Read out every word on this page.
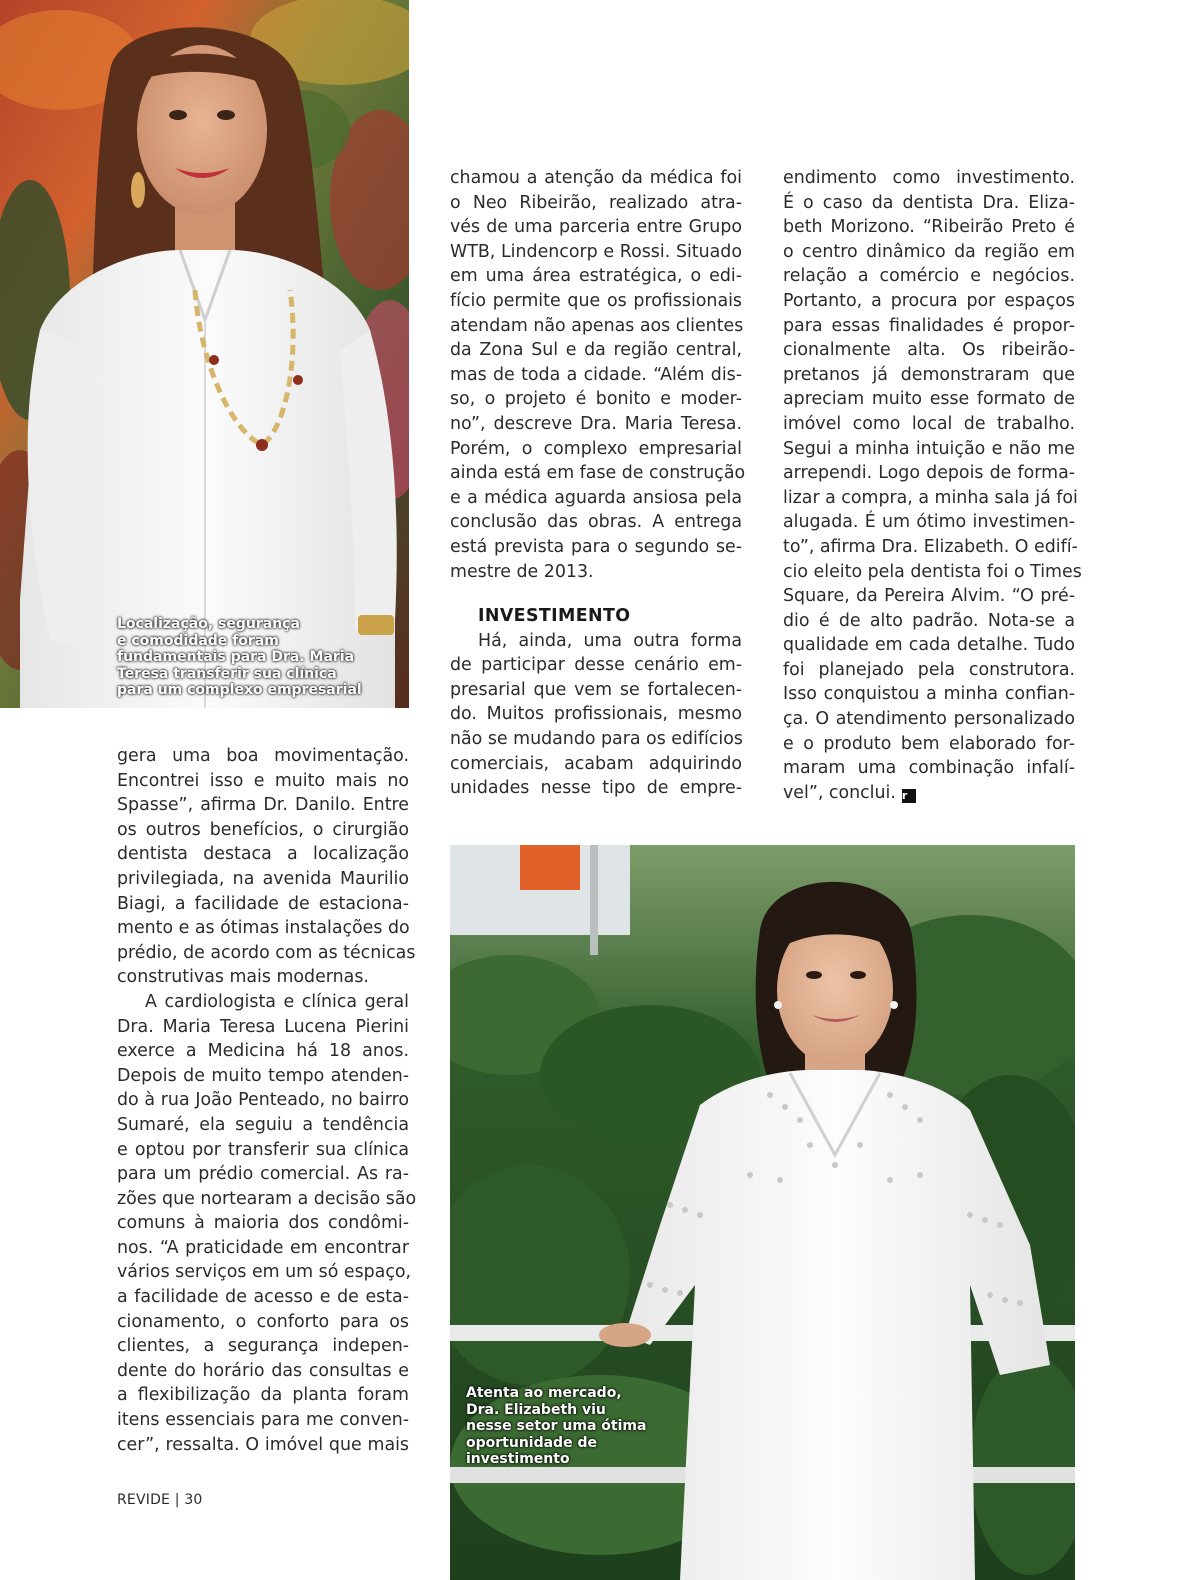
Localização, segurança
e comodidade foram
fundamentais para Dra. Maria
Teresa transferir sua clínica
para um complexo empresarial
gera uma boa movimentação.
Encontrei isso e muito mais no
Spasse”, afirma Dr. Danilo. Entre
os outros benefícios, o cirurgião
dentista destaca a localização
privilegiada, na avenida Maurilio
Biagi, a facilidade de estaciona-
mento e as ótimas instalações do
prédio, de acordo com as técnicas
construtivas mais modernas.
A cardiologista e clínica geral
Dra. Maria Teresa Lucena Pierini
exerce a Medicina há 18 anos.
Depois de muito tempo atenden-
do à rua João Penteado, no bairro
Sumaré, ela seguiu a tendência
e optou por transferir sua clínica
para um prédio comercial. As ra-
zões que nortearam a decisão são
comuns à maioria dos condômi-
nos. “A praticidade em encontrar
vários serviços em um só espaço,
a facilidade de acesso e de esta-
cionamento, o conforto para os
clientes, a segurança indepen-
dente do horário das consultas e
a flexibilização da planta foram
itens essenciais para me conven-
cer”, ressalta. O imóvel que mais
chamou a atenção da médica foi
o Neo Ribeirão, realizado atra-
vés de uma parceria entre Grupo
WTB, Lindencorp e Rossi. Situado
em uma área estratégica, o edi-
fício permite que os profissionais
atendam não apenas aos clientes
da Zona Sul e da região central,
mas de toda a cidade. “Além dis-
so, o projeto é bonito e moder-
no”, descreve Dra. Maria Teresa.
Porém, o complexo empresarial
ainda está em fase de construção
e a médica aguarda ansiosa pela
conclusão das obras. A entrega
está prevista para o segundo se-
mestre de 2013.
INVESTIMENTO
Há, ainda, uma outra forma
de participar desse cenário em-
presarial que vem se fortalecen-
do. Muitos profissionais, mesmo
não se mudando para os edifícios
comerciais, acabam adquirindo
unidades nesse tipo de empre-
endimento como investimento.
É o caso da dentista Dra. Eliza-
beth Morizono. “Ribeirão Preto é
o centro dinâmico da região em
relação a comércio e negócios.
Portanto, a procura por espaços
para essas finalidades é propor-
cionalmente alta. Os ribeirão-
pretanos já demonstraram que
apreciam muito esse formato de
imóvel como local de trabalho.
Segui a minha intuição e não me
arrependi. Logo depois de forma-
lizar a compra, a minha sala já foi
alugada. É um ótimo investimen-
to”, afirma Dra. Elizabeth. O edifí-
cio eleito pela dentista foi o Times
Square, da Pereira Alvim. “O pré-
dio é de alto padrão. Nota-se a
qualidade em cada detalhe. Tudo
foi planejado pela construtora.
Isso conquistou a minha confian-
ça. O atendimento personalizado
e o produto bem elaborado for-
maram uma combinação infalí-
vel”, conclui. r
Atenta ao mercado,
Dra. Elizabeth viu
nesse setor uma ótima
oportunidade de
investimento
REVIDE | 30
